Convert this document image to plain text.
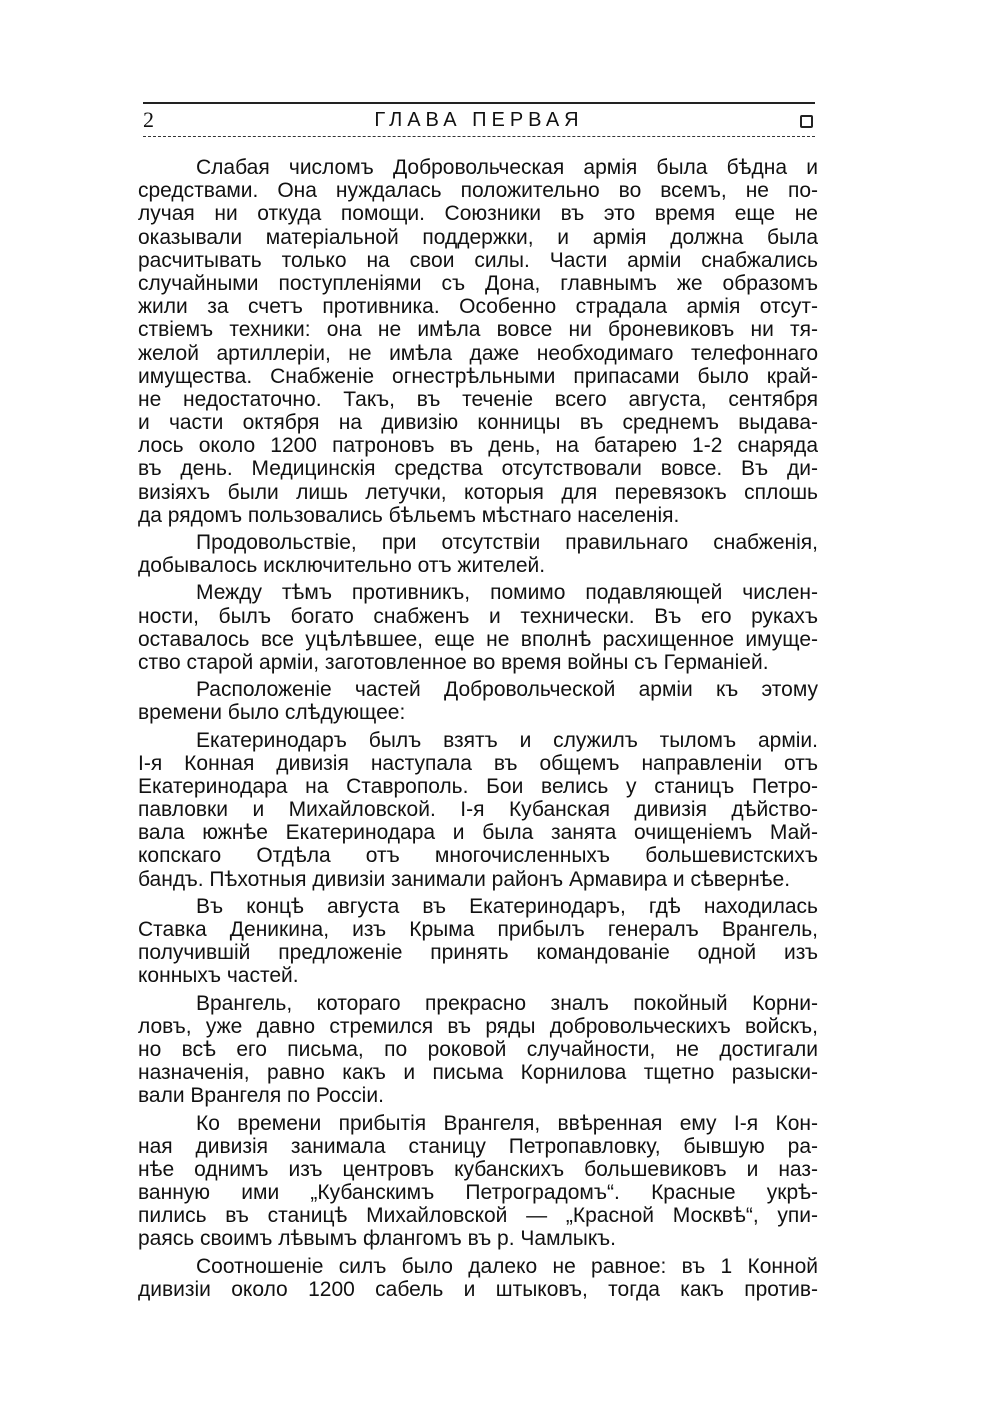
2	ГЛАВА ПЕРВАЯ
Слабая числомъ Добровольческая армія была бѣдна и
средствами. Она нуждалась положительно во всемъ, не по-
лучая ни откуда помощи. Союзники въ это время еще не
оказывали матеріальной поддержки, и армія должна была
расчитывать только на свои силы. Части арміи снабжались
случайными поступленіями съ Дона, главнымъ же образомъ
жили за счетъ противника. Особенно страдала армія отсут-
ствіемъ техники: она не имѣла вовсе ни броневиковъ ни тя-
желой артиллеріи, не имѣла даже необходимаго телефоннаго
имущества. Снабженіе огнестрѣльными припасами было край-
не недостаточно. Такъ, въ теченіе всего августа, сентября
и части октября на дивизію конницы въ среднемъ выдава-
лось около 1200 патроновъ въ день, на батарею 1-2 снаряда
въ день. Медицинскія средства отсутствовали вовсе. Въ ди-
визіяхъ были лишь летучки, которыя для перевязокъ сплошь
да рядомъ пользовались бѣльемъ мѣстнаго населенія.
Продовольствіе, при отсутствіи правильнаго снабженія,
добывалось исключительно отъ жителей.
Между тѣмъ противникъ, помимо подавляющей числен-
ности, былъ богато снабженъ и технически. Въ его рукахъ
оставалось все уцѣлѣвшее, еще не вполнѣ расхищенное имуще-
ство старой арміи, заготовленное во время войны съ Германіей.
Расположеніе частей Добровольческой арміи къ этому
времени было слѣдующее:
Екатеринодаръ былъ взятъ и служилъ тыломъ арміи.
І-я Конная дивизія наступала въ общемъ направленіи отъ
Екатеринодара на Ставрополь. Бои велись у станицъ Петро-
павловки и Михайловской. І-я Кубанская дивизія дѣйство-
вала южнѣе Екатеринодара и была занята очищеніемъ Май-
копскаго Отдѣла отъ многочисленныхъ большевистскихъ
бандъ. Пѣхотныя дивизіи занимали районъ Армавира и сѣвернѣе.
Въ концѣ августа въ Екатеринодаръ, гдѣ находилась
Ставка Деникина, изъ Крыма прибылъ генералъ Врангель,
получившій предложеніе принять командованіе одной изъ
конныхъ частей.
Врангель, котораго прекрасно зналъ покойный Корни-
ловъ, уже давно стремился въ ряды добровольческихъ войскъ,
но всѣ его письма, по роковой случайности, не достигали
назначенія, равно какъ и письма Корнилова тщетно разыски-
вали Врангеля по Россіи.
Ко времени прибытія Врангеля, ввѣренная ему І-я Кон-
ная дивизія занимала станицу Петропавловку, бывшую ра-
нѣе однимъ изъ центровъ кубанскихъ большевиковъ и наз-
ванную ими „Кубанскимъ Петроградомъ“. Красные укрѣ-
пились въ станицѣ Михайловской — „Красной Москвѣ“, упи-
раясь своимъ лѣвымъ флангомъ въ р. Чамлыкъ.
Соотношеніе силъ было далеко не равное: въ 1 Конной
дивизіи около 1200 сабель и штыковъ, тогда какъ против-
